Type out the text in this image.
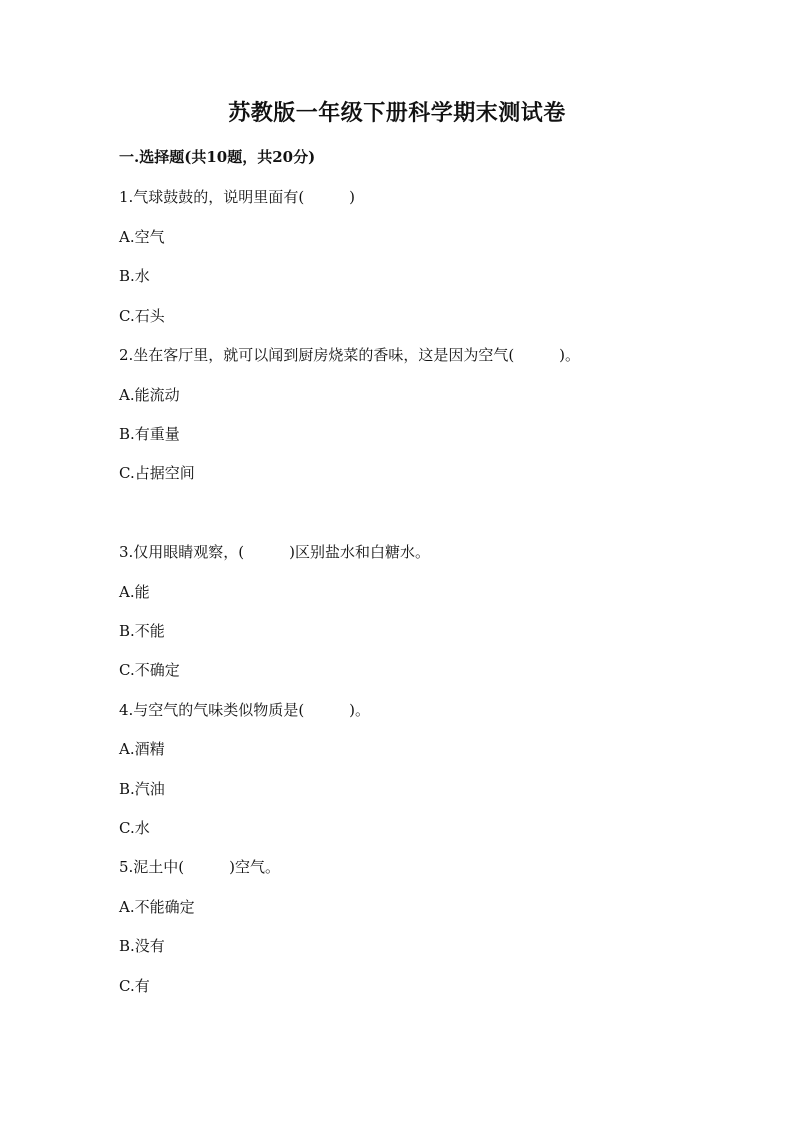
苏教版一年级下册科学期末测试卷
一.选择题(共10题，共20分)
1.气球鼓鼓的，说明里面有(　　　)
A.空气
B.水
C.石头
2.坐在客厅里，就可以闻到厨房烧菜的香味，这是因为空气(　　　)。
A.能流动
B.有重量
C.占据空间
3.仅用眼睛观察，(　　　)区别盐水和白糖水。
A.能
B.不能
C.不确定
4.与空气的气味类似物质是(　　　)。
A.酒精
B.汽油
C.水
5.泥土中(　　　)空气。
A.不能确定
B.没有
C.有
